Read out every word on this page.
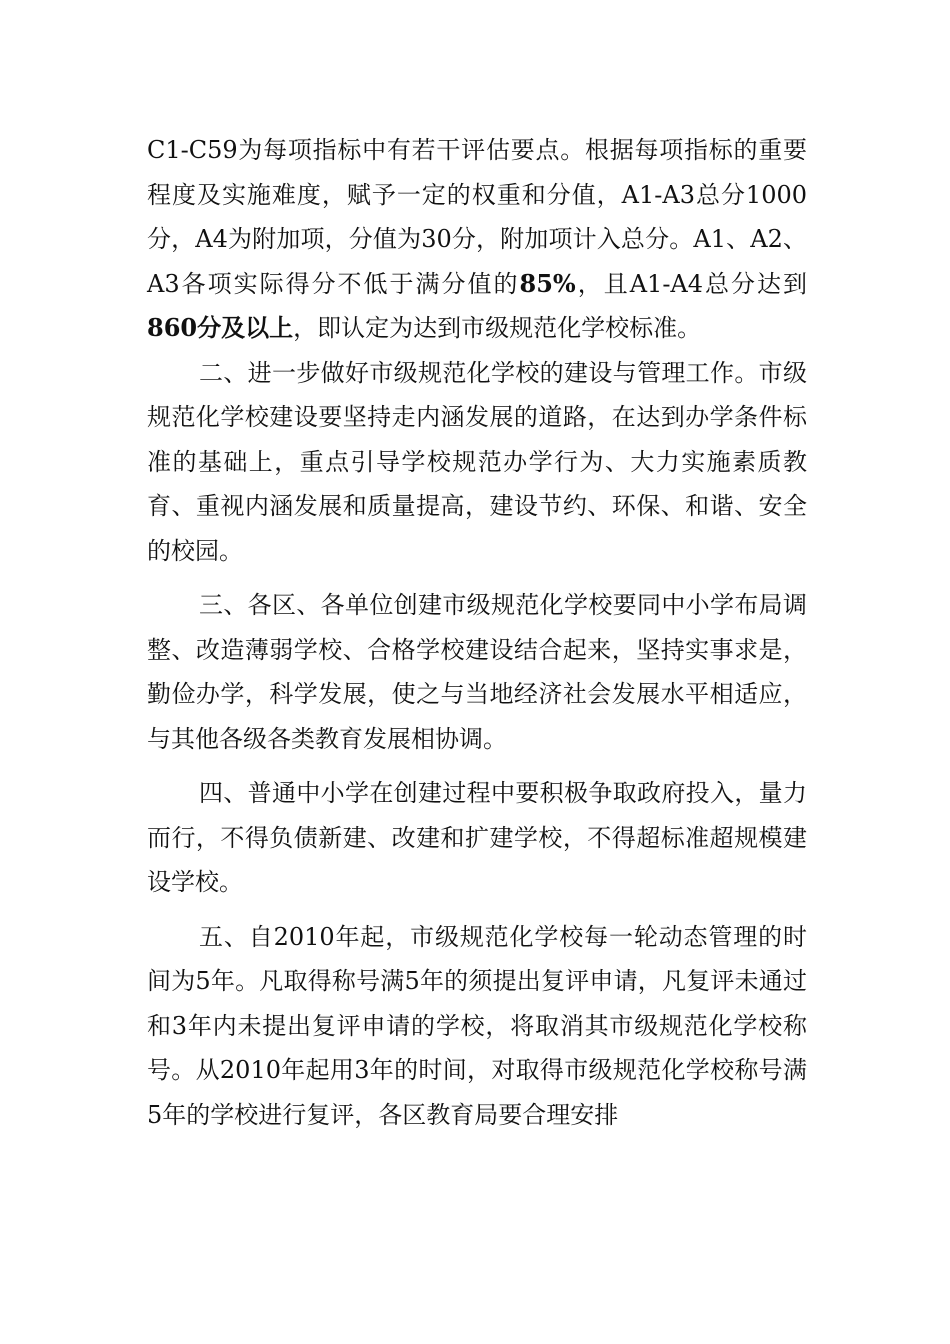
C1-C59为每项指标中有若干评估要点。根据每项指标的重要程度及实施难度，赋予一定的权重和分值，A1-A3总分1000分，A4为附加项，分值为30分，附加项计入总分。A1、A2、A3各项实际得分不低于满分值的85%，且A1-A4总分达到860分及以上，即认定为达到市级规范化学校标准。

二、进一步做好市级规范化学校的建设与管理工作。市级规范化学校建设要坚持走内涵发展的道路，在达到办学条件标准的基础上，重点引导学校规范办学行为、大力实施素质教育、重视内涵发展和质量提高，建设节约、环保、和谐、安全的校园。

三、各区、各单位创建市级规范化学校要同中小学布局调整、改造薄弱学校、合格学校建设结合起来，坚持实事求是，勤俭办学，科学发展，使之与当地经济社会发展水平相适应，与其他各级各类教育发展相协调。

四、普通中小学在创建过程中要积极争取政府投入，量力而行，不得负债新建、改建和扩建学校，不得超标准超规模建设学校。

五、自2010年起，市级规范化学校每一轮动态管理的时间为5年。凡取得称号满5年的须提出复评申请，凡复评未通过和3年内未提出复评申请的学校，将取消其市级规范化学校称号。从2010年起用3年的时间，对取得市级规范化学校称号满5年的学校进行复评，各区教育局要合理安排
